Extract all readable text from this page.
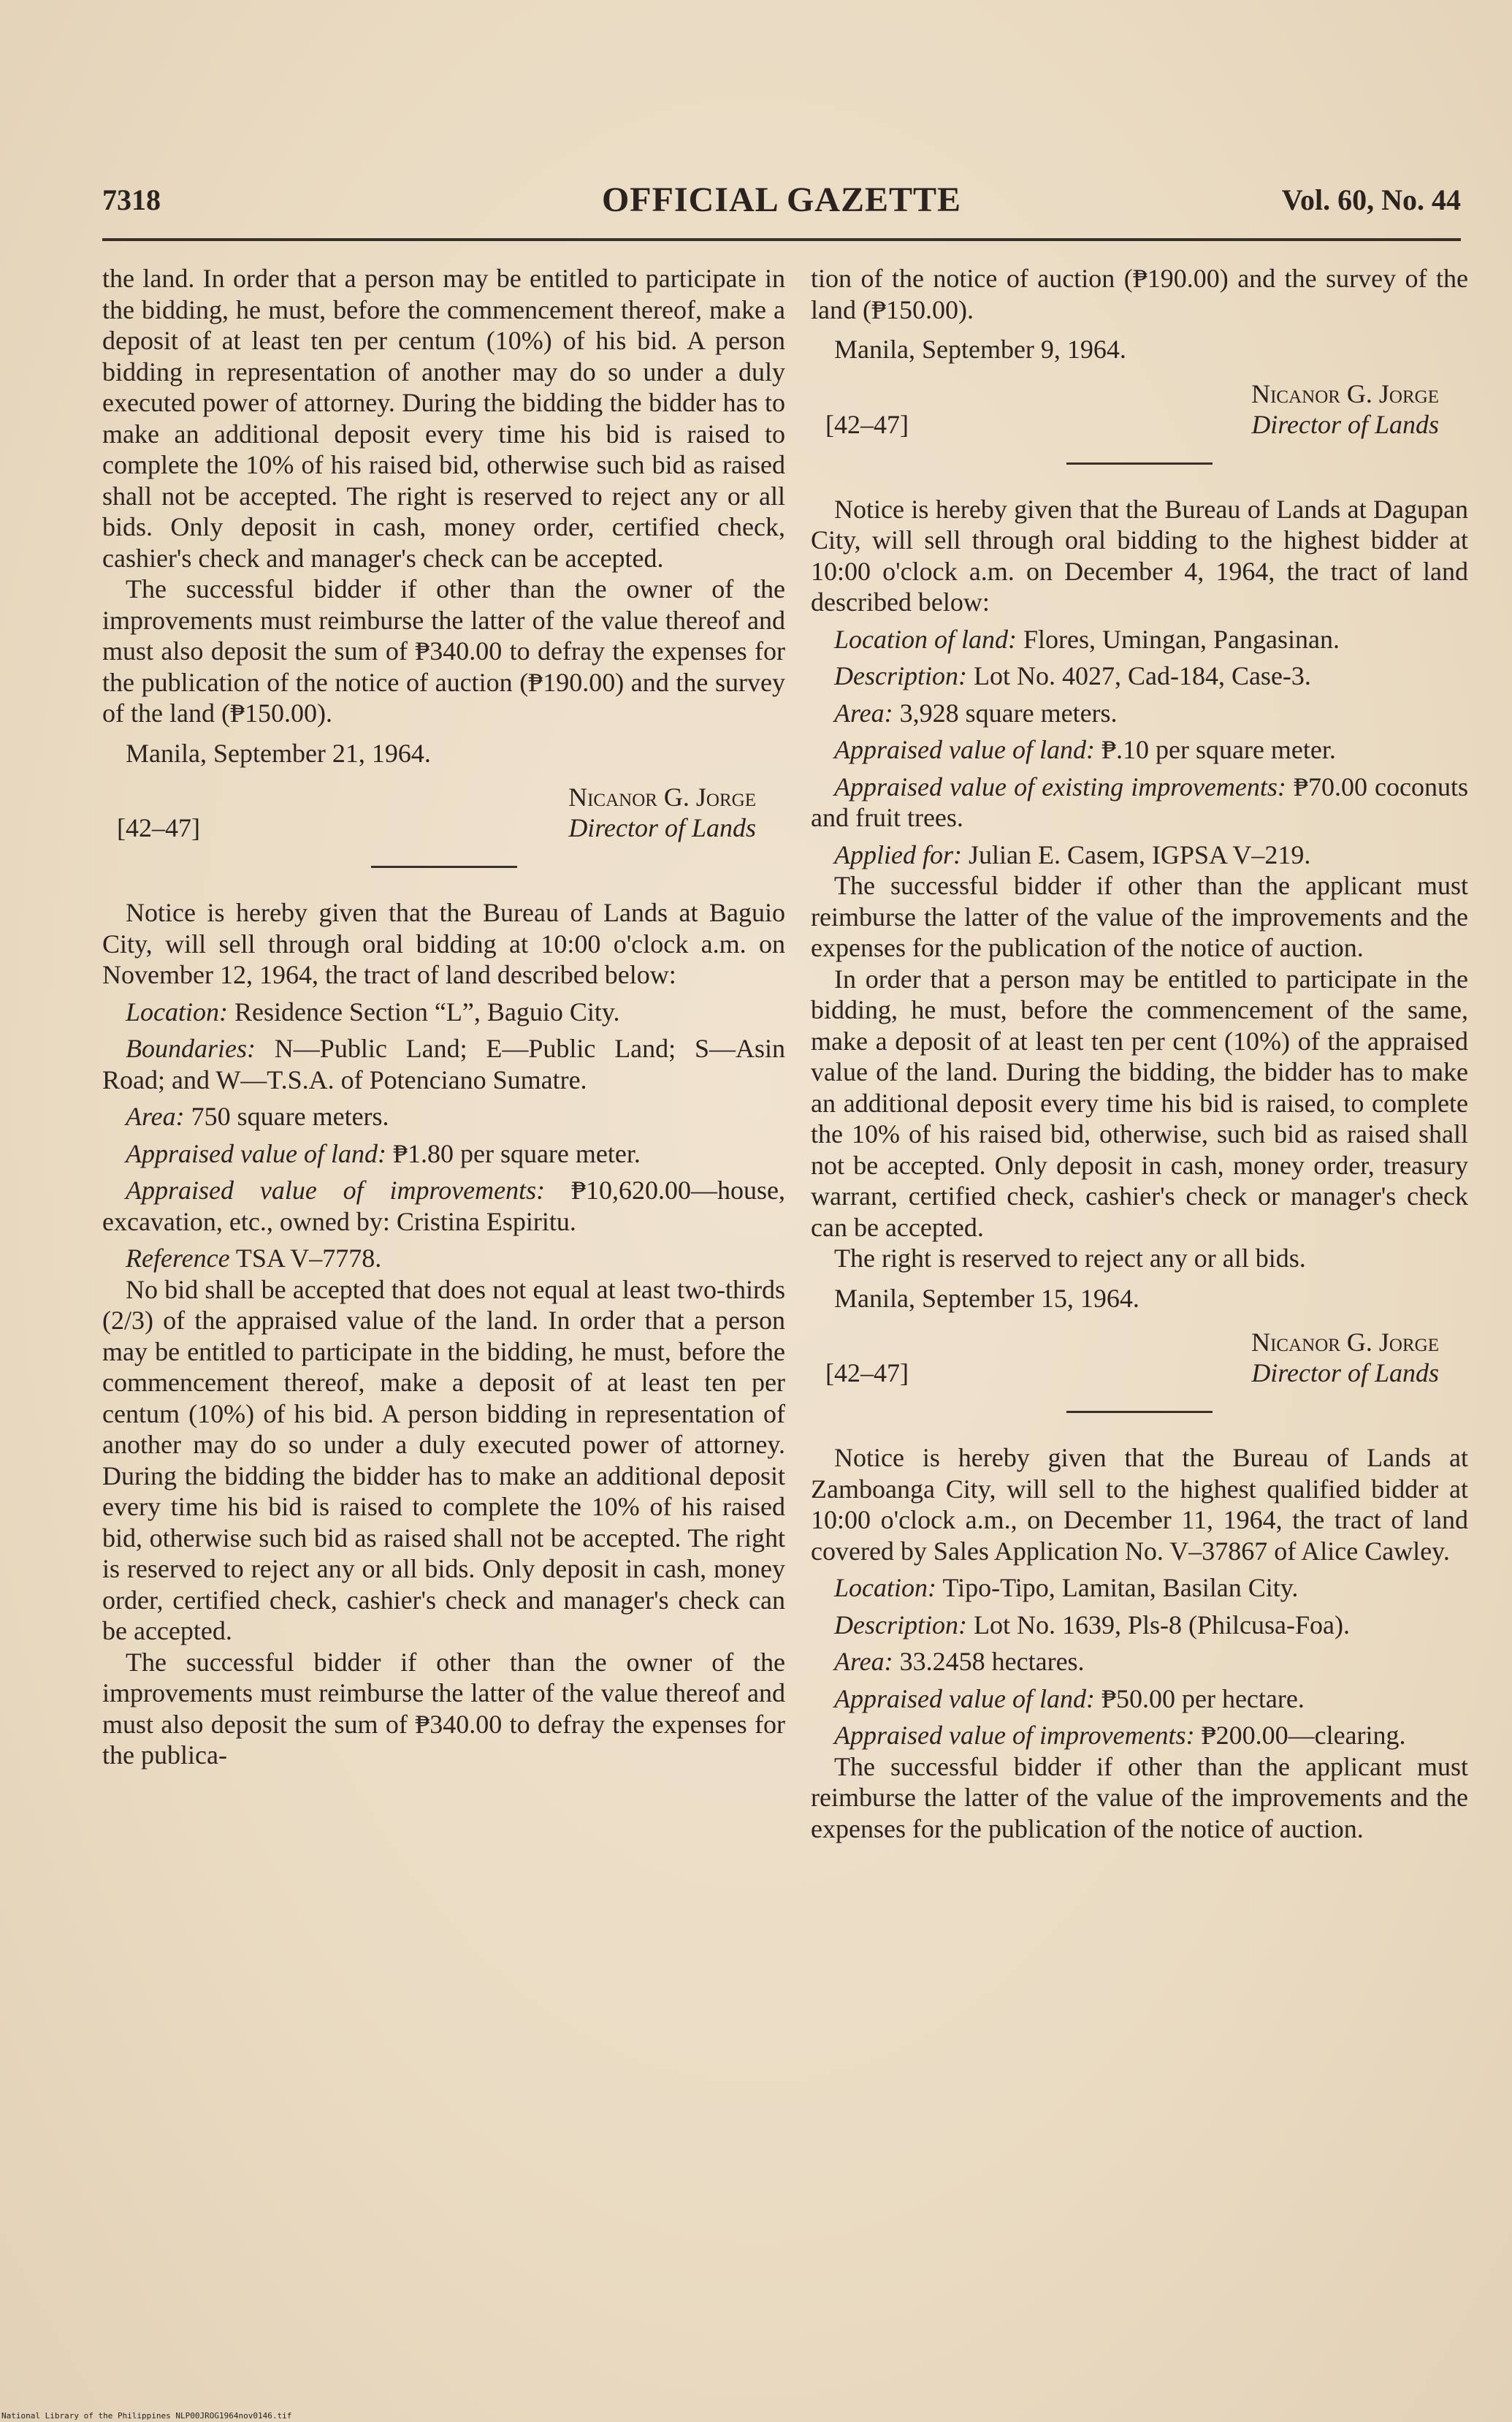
7318	OFFICIAL GAZETTE	Vol. 60, No. 44

the land. In order that a person may be entitled to participate in the bidding, he must, before the commencement thereof, make a deposit of at least ten per centum (10%) of his bid. A person bidding in representation of another may do so under a duly executed power of attorney. During the bidding the bidder has to make an additional deposit every time his bid is raised to complete the 10% of his raised bid, otherwise such bid as raised shall not be accepted. The right is reserved to reject any or all bids. Only deposit in cash, money order, certified check, cashier's check and manager's check can be accepted.

The successful bidder if other than the owner of the improvements must reimburse the latter of the value thereof and must also deposit the sum of ₱340.00 to defray the expenses for the publication of the notice of auction (₱190.00) and the survey of the land (₱150.00).

Manila, September 21, 1964.

[42–47]
Nicanor G. Jorge
Director of Lands

Notice is hereby given that the Bureau of Lands at Baguio City, will sell through oral bidding at 10:00 o'clock a.m. on November 12, 1964, the tract of land described below:

Location: Residence Section “L”, Baguio City.

Boundaries: N—Public Land; E—Public Land; S—Asin Road; and W—T.S.A. of Potenciano Sumatre.

Area: 750 square meters.

Appraised value of land: ₱1.80 per square meter.

Appraised value of improvements: ₱10,620.00—house, excavation, etc., owned by: Cristina Espiritu.

Reference TSA V–7778.

No bid shall be accepted that does not equal at least two-thirds (2/3) of the appraised value of the land. In order that a person may be entitled to participate in the bidding, he must, before the commencement thereof, make a deposit of at least ten per centum (10%) of his bid. A person bidding in representation of another may do so under a duly executed power of attorney. During the bidding the bidder has to make an additional deposit every time his bid is raised to complete the 10% of his raised bid, otherwise such bid as raised shall not be accepted. The right is reserved to reject any or all bids. Only deposit in cash, money order, certified check, cashier's check and manager's check can be accepted.

The successful bidder if other than the owner of the improvements must reimburse the latter of the value thereof and must also deposit the sum of ₱340.00 to defray the expenses for the publica-

tion of the notice of auction (₱190.00) and the survey of the land (₱150.00).

Manila, September 9, 1964.

[42–47]
Nicanor G. Jorge
Director of Lands

Notice is hereby given that the Bureau of Lands at Dagupan City, will sell through oral bidding to the highest bidder at 10:00 o'clock a.m. on December 4, 1964, the tract of land described below:

Location of land: Flores, Umingan, Pangasinan.

Description: Lot No. 4027, Cad-184, Case-3.

Area: 3,928 square meters.

Appraised value of land: ₱.10 per square meter.

Appraised value of existing improvements: ₱70.00 coconuts and fruit trees.

Applied for: Julian E. Casem, IGPSA V–219.

The successful bidder if other than the applicant must reimburse the latter of the value of the improvements and the expenses for the publication of the notice of auction.

In order that a person may be entitled to participate in the bidding, he must, before the commencement of the same, make a deposit of at least ten per cent (10%) of the appraised value of the land. During the bidding, the bidder has to make an additional deposit every time his bid is raised, to complete the 10% of his raised bid, otherwise, such bid as raised shall not be accepted. Only deposit in cash, money order, treasury warrant, certified check, cashier's check or manager's check can be accepted.

The right is reserved to reject any or all bids.

Manila, September 15, 1964.

[42–47]
Nicanor G. Jorge
Director of Lands

Notice is hereby given that the Bureau of Lands at Zamboanga City, will sell to the highest qualified bidder at 10:00 o'clock a.m., on December 11, 1964, the tract of land covered by Sales Application No. V–37867 of Alice Cawley.

Location: Tipo-Tipo, Lamitan, Basilan City.

Description: Lot No. 1639, Pls-8 (Philcusa-Foa).

Area: 33.2458 hectares.

Appraised value of land: ₱50.00 per hectare.

Appraised value of improvements: ₱200.00—clearing.

The successful bidder if other than the applicant must reimburse the latter of the value of the improvements and the expenses for the publication of the notice of auction.

National Library of the Philippines NLP00JROG1964nov0146.tif
